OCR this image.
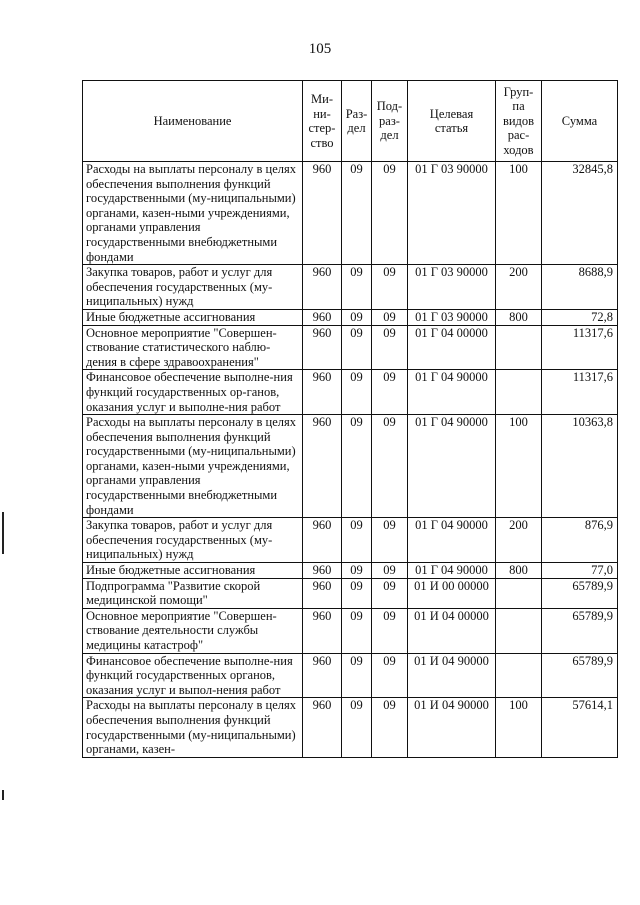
105
Наименование	Ми-
ни-
стер-
ство	Раз-
дел	Под-
раз-
дел	Целевая
статья	Груп-
па
видов
рас-
ходов	Сумма

Расходы на выплаты персоналу в целях обеспечения выполнения функций государственными (му-ниципальными) органами, казен-ными учреждениями, органами управления государственными внебюджетными фондами	960	09	09	01 Г 03 90000	100	32845,8
Закупка товаров, работ и услуг для обеспечения государственных (му-ниципальных) нужд	960	09	09	01 Г 03 90000	200	8688,9
Иные бюджетные ассигнования	960	09	09	01 Г 03 90000	800	72,8
Основное мероприятие "Совершен-ствование статистического наблю-дения в сфере здравоохранения"	960	09	09	01 Г 04 00000		11317,6
Финансовое обеспечение выполне-ния функций государственных ор-ганов, оказания услуг и выполне-ния работ	960	09	09	01 Г 04 90000		11317,6
Расходы на выплаты персоналу в целях обеспечения выполнения функций государственными (му-ниципальными) органами, казен-ными учреждениями, органами управления государственными внебюджетными фондами	960	09	09	01 Г 04 90000	100	10363,8
Закупка товаров, работ и услуг для обеспечения государственных (му-ниципальных) нужд	960	09	09	01 Г 04 90000	200	876,9
Иные бюджетные ассигнования	960	09	09	01 Г 04 90000	800	77,0
Подпрограмма "Развитие скорой медицинской помощи"	960	09	09	01 И 00 00000		65789,9
Основное мероприятие "Совершен-ствование деятельности службы медицины катастроф"	960	09	09	01 И 04 00000		65789,9
Финансовое обеспечение выполне-ния функций государственных органов, оказания услуг и выпол-нения работ	960	09	09	01 И 04 90000		65789,9
Расходы на выплаты персоналу в целях обеспечения выполнения функций государственными (му-ниципальными) органами, казен-	960	09	09	01 И 04 90000	100	57614,1
